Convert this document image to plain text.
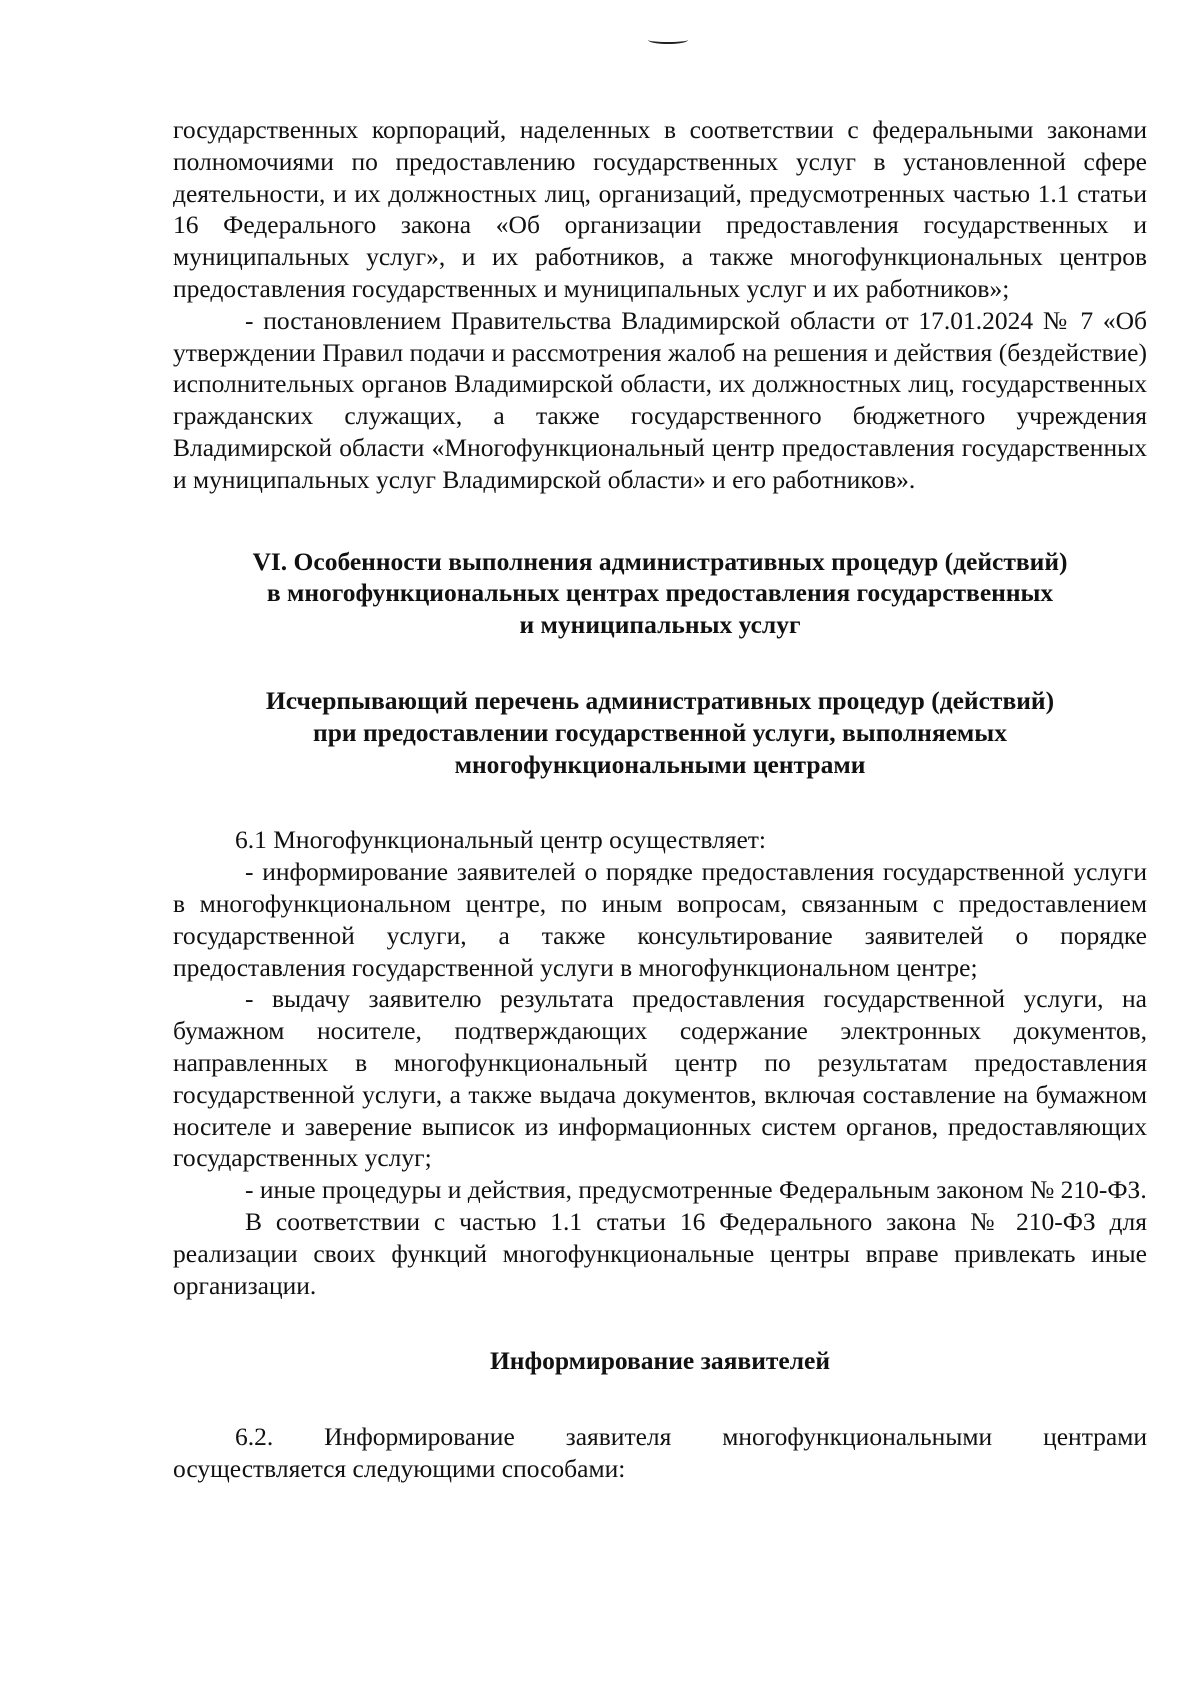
государственных корпораций, наделенных в соответствии с федеральными законами полномочиями по предоставлению государственных услуг в установленной сфере деятельности, и их должностных лиц, организаций, предусмотренных частью 1.1 статьи 16 Федерального закона «Об организации предоставления государственных и муниципальных услуг», и их работников, а также многофункциональных центров предоставления государственных и муниципальных услуг и их работников»;

- постановлением Правительства Владимирской области от 17.01.2024 № 7 «Об утверждении Правил подачи и рассмотрения жалоб на решения и действия (бездействие) исполнительных органов Владимирской области, их должностных лиц, государственных гражданских служащих, а также государственного бюджетного учреждения Владимирской области «Многофункциональный центр предоставления государственных и муниципальных услуг Владимирской области» и его работников».

VI. Особенности выполнения административных процедур (действий)

в многофункциональных центрах предоставления государственных

и муниципальных услуг

Исчерпывающий перечень административных процедур (действий)

при предоставлении государственной услуги, выполняемых

многофункциональными центрами

6.1 Многофункциональный центр осуществляет:

- информирование заявителей о порядке предоставления государственной услуги в многофункциональном центре, по иным вопросам, связанным с предоставлением государственной услуги, а также консультирование заявителей о порядке предоставления государственной услуги в многофункциональном центре;

- выдачу заявителю результата предоставления государственной услуги, на бумажном носителе, подтверждающих содержание электронных документов, направленных в многофункциональный центр по результатам предоставления государственной услуги, а также выдача документов, включая составление на бумажном носителе и заверение выписок из информационных систем органов, предоставляющих государственных услуг;

- иные процедуры и действия, предусмотренные Федеральным законом № 210-ФЗ.

В соответствии с частью 1.1 статьи 16 Федерального закона № 210-ФЗ для реализации своих функций многофункциональные центры вправе привлекать иные организации.

Информирование заявителей

6.2. Информирование заявителя многофункциональными центрами осуществляется следующими способами:
